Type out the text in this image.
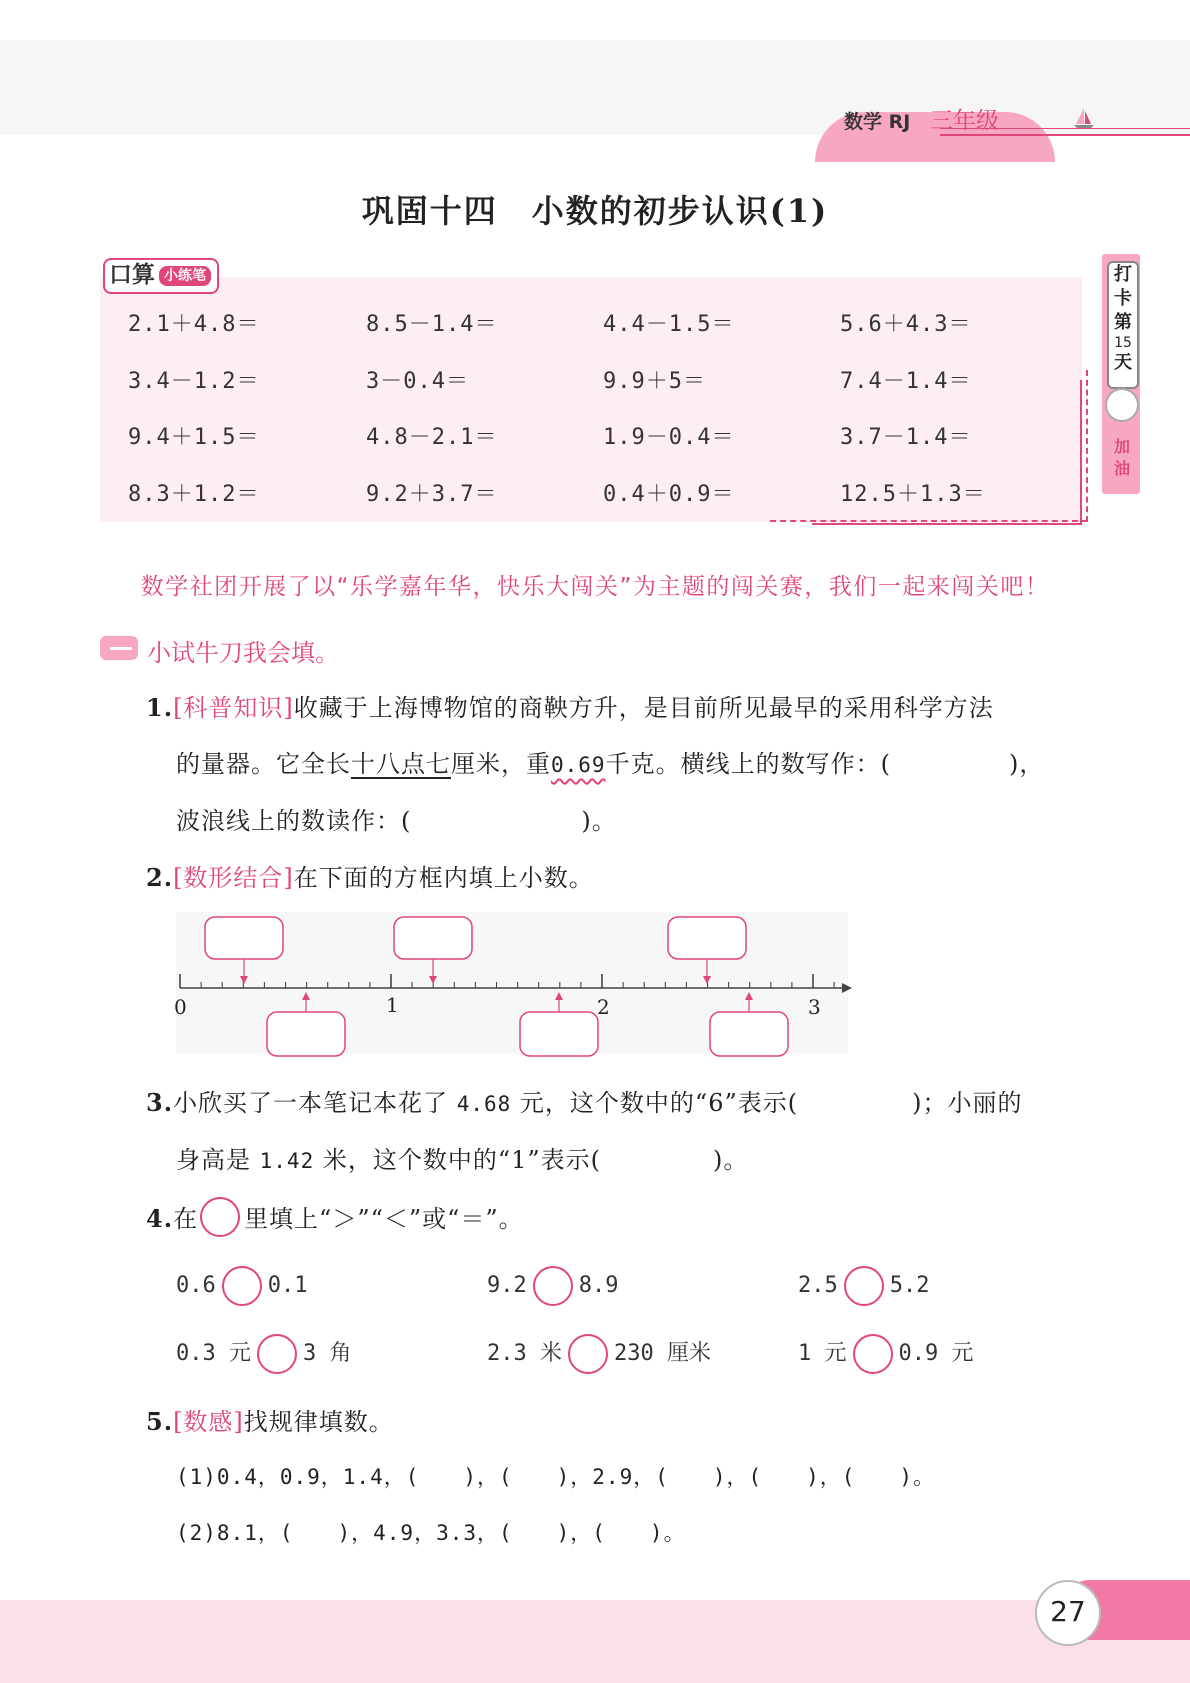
数学 RJ 三年级
巩固十四　小数的初步认识(1)
口算 小练笔
2.1＋4.8＝	8.5－1.4＝	4.4－1.5＝	5.6＋4.3＝
3.4－1.2＝	3－0.4＝	9.9＋5＝	7.4－1.4＝
9.4＋1.5＝	4.8－2.1＝	1.9－0.4＝	3.7－1.4＝
8.3＋1.2＝	9.2＋3.7＝	0.4＋0.9＝	12.5＋1.3＝
打
卡
第
15
天
加
油
数学社团开展了以“乐学嘉年华，快乐大闯关”为主题的闯关赛，我们一起来闯关吧！
小试牛刀我会填。
1.[科普知识]收藏于上海博物馆的商鞅方升，是目前所见最早的采用科学方法
的量器。它全长十八点七厘米，重0.69千克。横线上的数写作：(	)，
波浪线上的数读作：(	)。
2.[数形结合]在下面的方框内填上小数。
0	1	2	3
3.小欣买了一本笔记本花了 4.68 元，这个数中的“6”表示(	)；小丽的
身高是 1.42 米，这个数中的“1”表示(	)。
4.在 里填上“＞”“＜”或“＝”。
0.6 0.1	9.2 8.9	2.5 5.2
0.3 元 3 角	2.3 米 230 厘米	1 元 0.9 元
5.[数感]找规律填数。
(1)0.4，0.9，1.4，(　　)，(　　)，2.9，(　　)，(　　)，(　　)。
(2)8.1，(　　)，4.9，3.3，(　　)，(　　)。
27
